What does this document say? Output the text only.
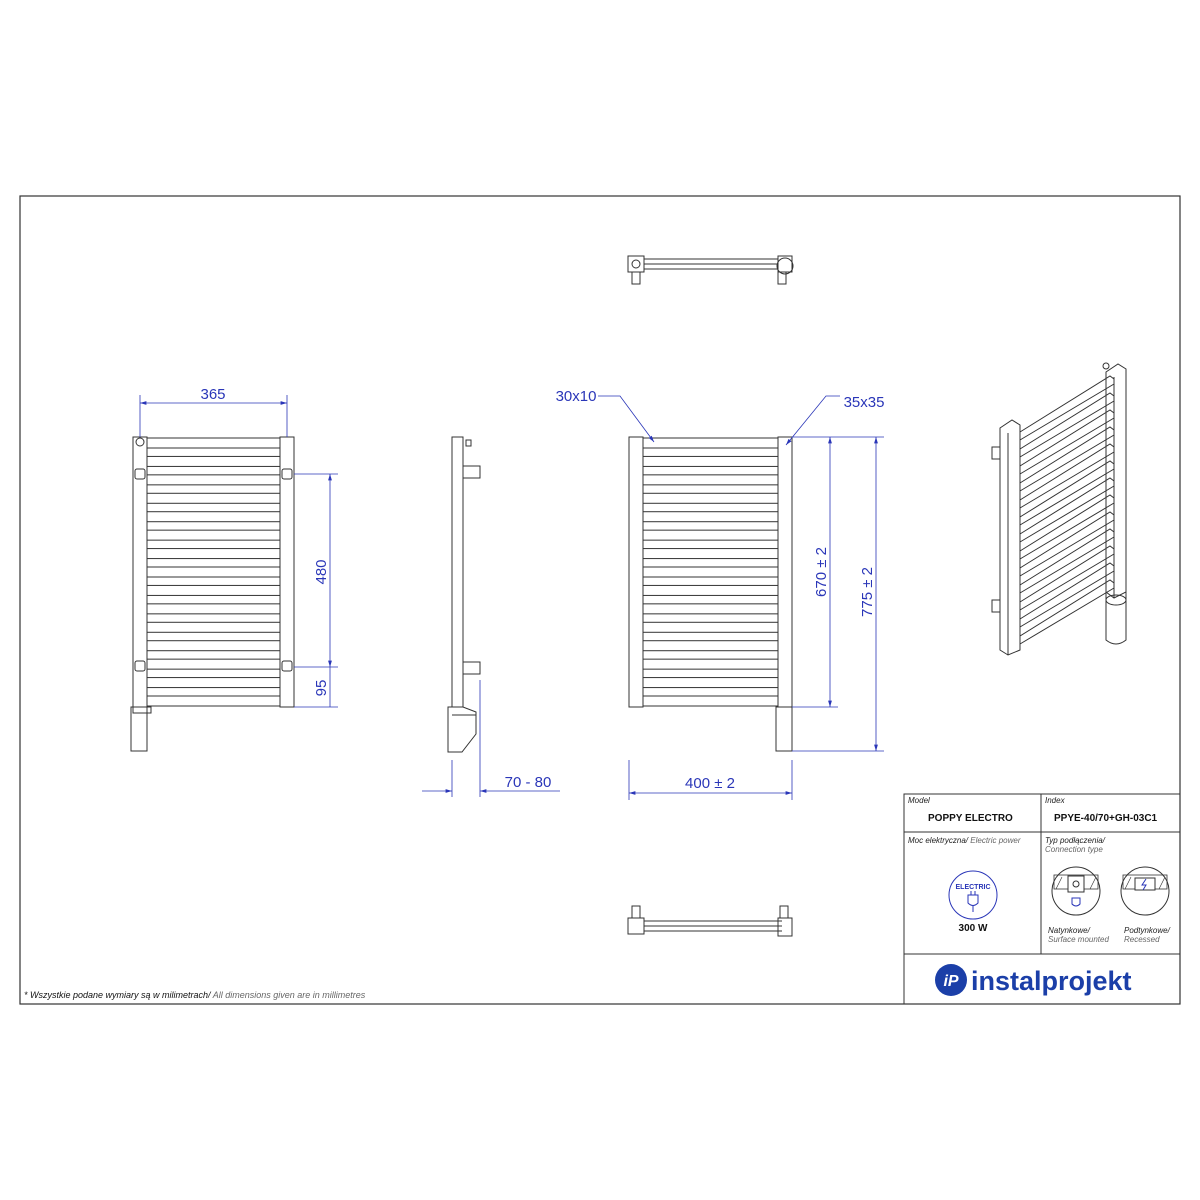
365
480
95
70 - 80
30x10	35x35
400 ± 2
670 ± 2 775 ± 2
* Wszystkie podane wymiary są w milimetrach/ All dimensions given are in millimetres
Model
POPPY ELECTRO
Index
PPYE-40/70+GH-03C1
Moc elektryczna/ Electric power
ELECTRIC
300 W
Typ podłączenia/
Connection type
Natynkowe/
Surface mounted
Podtynkowe/
Recessed
iP instalprojekt
